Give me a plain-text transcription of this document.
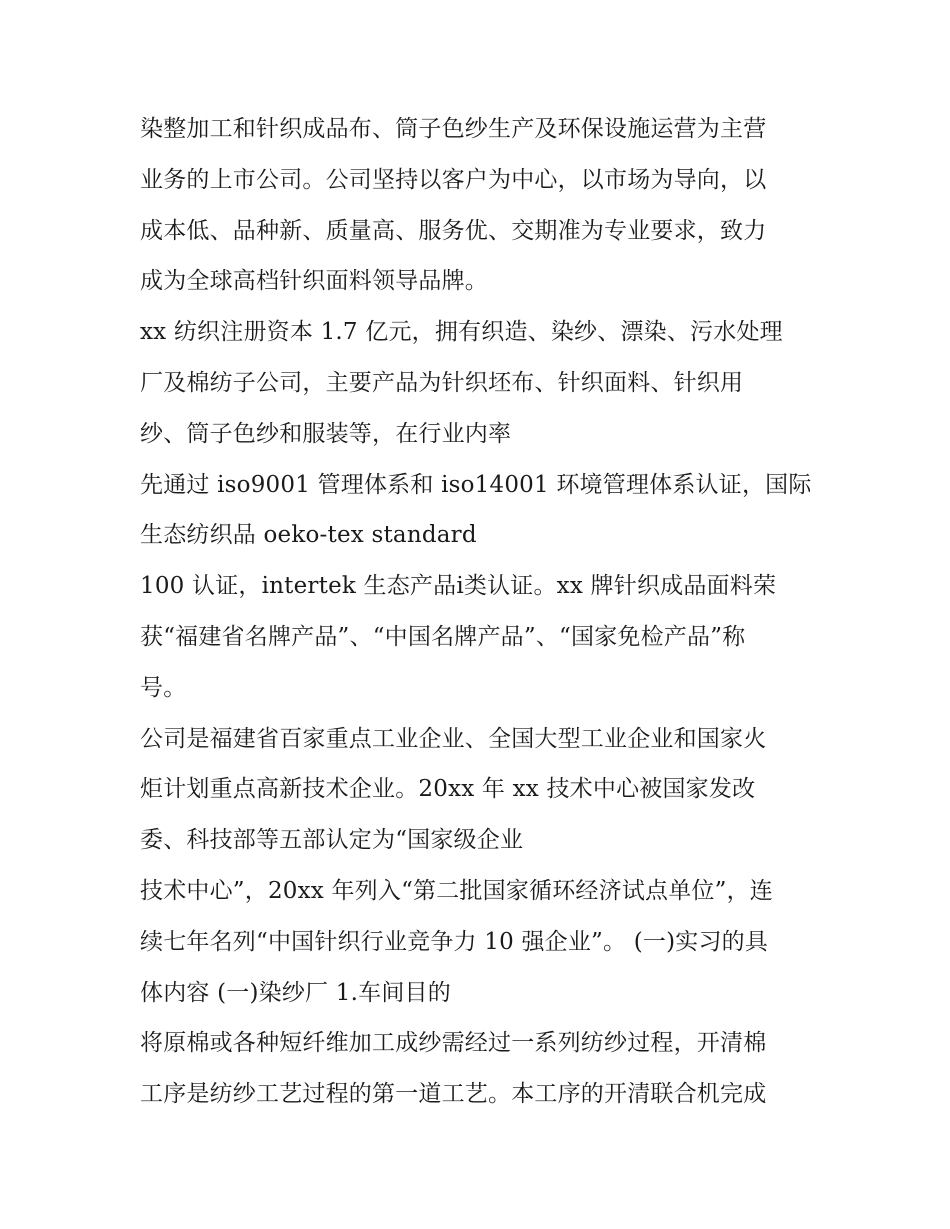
染整加工和针织成品布、筒子色纱生产及环保设施运营为主营
业务的上市公司。公司坚持以客户为中心，以市场为导向，以
成本低、品种新、质量高、服务优、交期准为专业要求，致力
成为全球高档针织面料领导品牌。
xx 纺织注册资本 1.7 亿元，拥有织造、染纱、漂染、污水处理
厂及棉纺子公司，主要产品为针织坯布、针织面料、针织用
纱、筒子色纱和服装等，在行业内率
先通过 iso9001 管理体系和 iso14001 环境管理体系认证，国际
生态纺织品 oeko-tex standard
100 认证，intertek 生态产品ⅰ类认证。xx 牌针织成品面料荣
获“福建省名牌产品”、“中国名牌产品”、“国家免检产品”称
号。
公司是福建省百家重点工业企业、全国大型工业企业和国家火
炬计划重点高新技术企业。20xx 年 xx 技术中心被国家发改
委、科技部等五部认定为“国家级企业
技术中心”，20xx 年列入“第二批国家循环经济试点单位”，连
续七年名列“中国针织行业竞争力 10 强企业”。 (一)实习的具
体内容 (一)染纱厂 1.车间目的
将原棉或各种短纤维加工成纱需经过一系列纺纱过程，开清棉
工序是纺纱工艺过程的第一道工艺。本工序的开清联合机完成
